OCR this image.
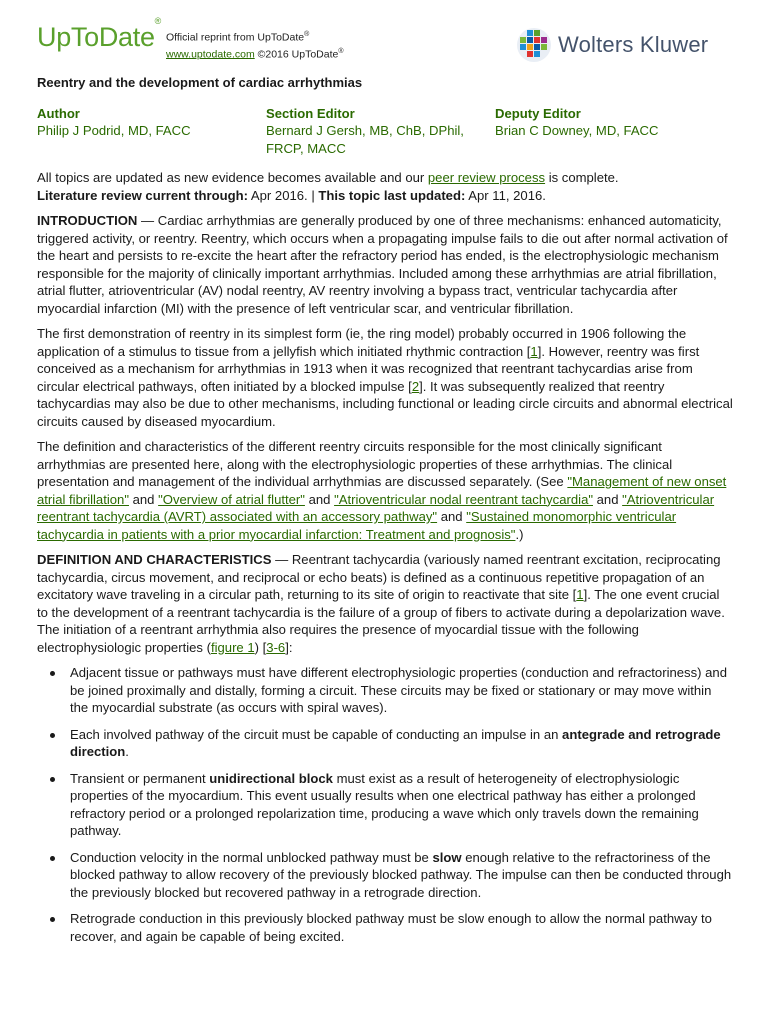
UpToDate®
Official reprint from UpToDate®
www.uptodate.com ©2016 UpToDate®	Wolters Kluwer

Reentry and the development of cardiac arrhythmias

Author
Philip J Podrid, MD, FACC
Section Editor
Bernard J Gersh, MB, ChB, DPhil, FRCP, MACC
Deputy Editor
Brian C Downey, MD, FACC

All topics are updated as new evidence becomes available and our peer review process is complete.

Literature review current through: Apr 2016. | This topic last updated: Apr 11, 2016.

INTRODUCTION — Cardiac arrhythmias are generally produced by one of three mechanisms: enhanced automaticity, triggered activity, or reentry. Reentry, which occurs when a propagating impulse fails to die out after normal activation of the heart and persists to re-excite the heart after the refractory period has ended, is the electrophysiologic mechanism responsible for the majority of clinically important arrhythmias. Included among these arrhythmias are atrial fibrillation, atrial flutter, atrioventricular (AV) nodal reentry, AV reentry involving a bypass tract, ventricular tachycardia after myocardial infarction (MI) with the presence of left ventricular scar, and ventricular fibrillation.

The first demonstration of reentry in its simplest form (ie, the ring model) probably occurred in 1906 following the application of a stimulus to tissue from a jellyfish which initiated rhythmic contraction [1]. However, reentry was first conceived as a mechanism for arrhythmias in 1913 when it was recognized that reentrant tachycardias arise from circular electrical pathways, often initiated by a blocked impulse [2]. It was subsequently realized that reentry tachycardias may also be due to other mechanisms, including functional or leading circle circuits and abnormal electrical circuits caused by diseased myocardium.

The definition and characteristics of the different reentry circuits responsible for the most clinically significant arrhythmias are presented here, along with the electrophysiologic properties of these arrhythmias. The clinical presentation and management of the individual arrhythmias are discussed separately. (See "Management of new onset atrial fibrillation" and "Overview of atrial flutter" and "Atrioventricular nodal reentrant tachycardia" and "Atrioventricular reentrant tachycardia (AVRT) associated with an accessory pathway" and "Sustained monomorphic ventricular tachycardia in patients with a prior myocardial infarction: Treatment and prognosis".)

DEFINITION AND CHARACTERISTICS — Reentrant tachycardia (variously named reentrant excitation, reciprocating tachycardia, circus movement, and reciprocal or echo beats) is defined as a continuous repetitive propagation of an excitatory wave traveling in a circular path, returning to its site of origin to reactivate that site [1]. The one event crucial to the development of a reentrant tachycardia is the failure of a group of fibers to activate during a depolarization wave. The initiation of a reentrant arrhythmia also requires the presence of myocardial tissue with the following electrophysiologic properties (figure 1) [3-6]:

Adjacent tissue or pathways must have different electrophysiologic properties (conduction and refractoriness) and be joined proximally and distally, forming a circuit. These circuits may be fixed or stationary or may move within the myocardial substrate (as occurs with spiral waves).
Each involved pathway of the circuit must be capable of conducting an impulse in an antegrade and retrograde direction.
Transient or permanent unidirectional block must exist as a result of heterogeneity of electrophysiologic properties of the myocardium. This event usually results when one electrical pathway has either a prolonged refractory period or a prolonged repolarization time, producing a wave which only travels down the remaining pathway.
Conduction velocity in the normal unblocked pathway must be slow enough relative to the refractoriness of the blocked pathway to allow recovery of the previously blocked pathway. The impulse can then be conducted through the previously blocked but recovered pathway in a retrograde direction.
Retrograde conduction in this previously blocked pathway must be slow enough to allow the normal pathway to recover, and again be capable of being excited.
